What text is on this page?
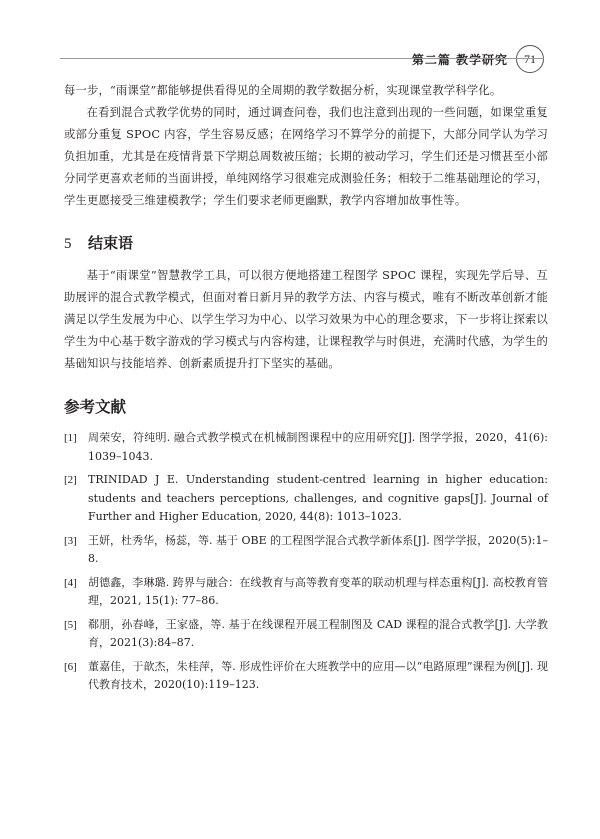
第二篇 教学研究	71

每一步，“雨课堂”都能够提供看得见的全周期的教学数据分析，实现课堂教学科学化。

在看到混合式教学优势的同时，通过调查问卷，我们也注意到出现的一些问题，如课堂重复或部分重复 SPOC 内容，学生容易反感；在网络学习不算学分的前提下，大部分同学认为学习负担加重，尤其是在疫情背景下学期总周数被压缩；长期的被动学习，学生们还是习惯甚至小部分同学更喜欢老师的当面讲授，单纯网络学习很难完成测验任务；相较于二维基础理论的学习，学生更愿接受三维建模教学；学生们要求老师更幽默，教学内容增加故事性等。

5	结束语

基于“雨课堂”智慧教学工具，可以很方便地搭建工程图学 SPOC 课程，实现先学后导、互助展评的混合式教学模式，但面对着日新月异的教学方法、内容与模式，唯有不断改革创新才能满足以学生发展为中心、以学生学习为中心、以学习效果为中心的理念要求，下一步将让探索以学生为中心基于数字游戏的学习模式与内容构建，让课程教学与时俱进，充满时代感，为学生的基础知识与技能培养、创新素质提升打下坚实的基础。

参考文献
[1]	周荣安，符纯明. 融合式教学模式在机械制图课程中的应用研究[J]. 图学学报，2020，41(6): 1039–1043.
[2]	TRINIDAD J E. Understanding student-centred learning in higher education: students and teachers perceptions, challenges, and cognitive gaps[J]. Journal of Further and Higher Education, 2020, 44(8): 1013–1023.
[3]	王妍，杜秀华，杨蕊，等. 基于 OBE 的工程图学混合式教学新体系[J]. 图学学报，2020(5):1–8.
[4]	胡德鑫，李琳璐. 跨界与融合：在线教育与高等教育变革的联动机理与样态重构[J]. 高校教育管理，2021, 15(1): 77–86.
[5]	郗朋，孙春峰，王家盛，等. 基于在线课程开展工程制图及 CAD 课程的混合式教学[J]. 大学教育，2021(3):84–87.
[6]	董嘉佳，于歆杰，朱桂萍，等. 形成性评价在大班教学中的应用—以“电路原理”课程为例[J]. 现代教育技术，2020(10):119–123.
